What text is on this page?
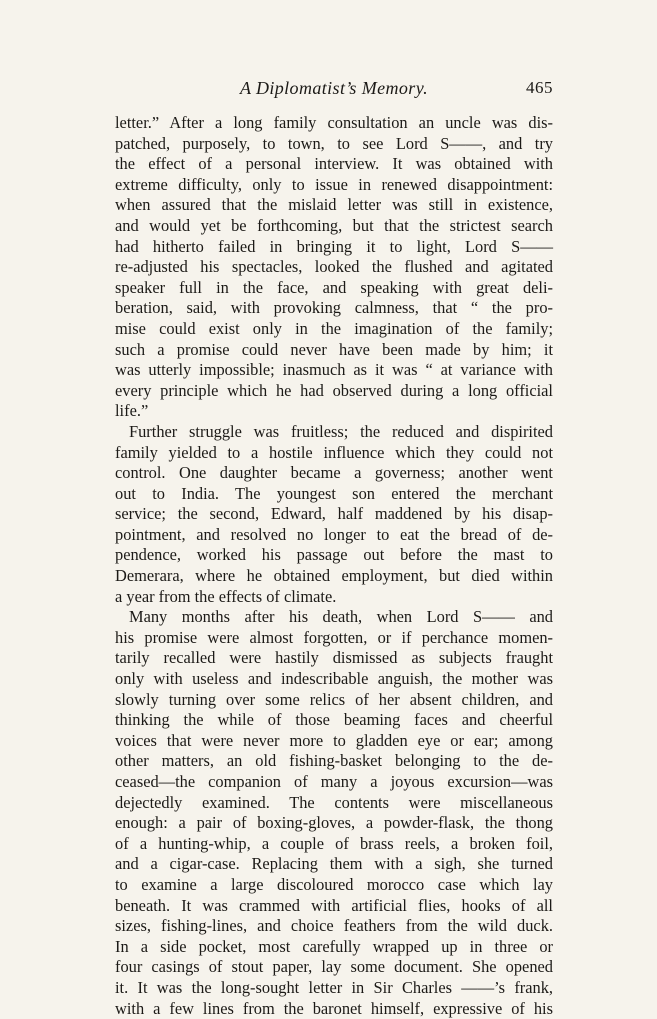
A Diplomatist’s Memory.	465
letter.” After a long family consultation an uncle was dis-
patched, purposely, to town, to see Lord S——, and try
the effect of a personal interview. It was obtained with
extreme difficulty, only to issue in renewed disappointment:
when assured that the mislaid letter was still in existence,
and would yet be forthcoming, but that the strictest search
had hitherto failed in bringing it to light, Lord S——
re-adjusted his spectacles, looked the flushed and agitated
speaker full in the face, and speaking with great deli-
beration, said, with provoking calmness, that “ the pro-
mise could exist only in the imagination of the family;
such a promise could never have been made by him; it
was utterly impossible; inasmuch as it was “ at variance with
every principle which he had observed during a long official
life.”
Further struggle was fruitless; the reduced and dispirited
family yielded to a hostile influence which they could not
control. One daughter became a governess; another went
out to India. The youngest son entered the merchant
service; the second, Edward, half maddened by his disap-
pointment, and resolved no longer to eat the bread of de-
pendence, worked his passage out before the mast to
Demerara, where he obtained employment, but died within
a year from the effects of climate.
Many months after his death, when Lord S—— and
his promise were almost forgotten, or if perchance momen-
tarily recalled were hastily dismissed as subjects fraught
only with useless and indescribable anguish, the mother was
slowly turning over some relics of her absent children, and
thinking the while of those beaming faces and cheerful
voices that were never more to gladden eye or ear; among
other matters, an old fishing-basket belonging to the de-
ceased—the companion of many a joyous excursion—was
dejectedly examined. The contents were miscellaneous
enough: a pair of boxing-gloves, a powder-flask, the thong
of a hunting-whip, a couple of brass reels, a broken foil,
and a cigar-case. Replacing them with a sigh, she turned
to examine a large discoloured morocco case which lay
beneath. It was crammed with artificial flies, hooks of all
sizes, fishing-lines, and choice feathers from the wild duck.
In a side pocket, most carefully wrapped up in three or
four casings of stout paper, lay some document. She opened
it. It was the long-sought letter in Sir Charles ——’s frank,
with a few lines from the baronet himself, expressive of his
